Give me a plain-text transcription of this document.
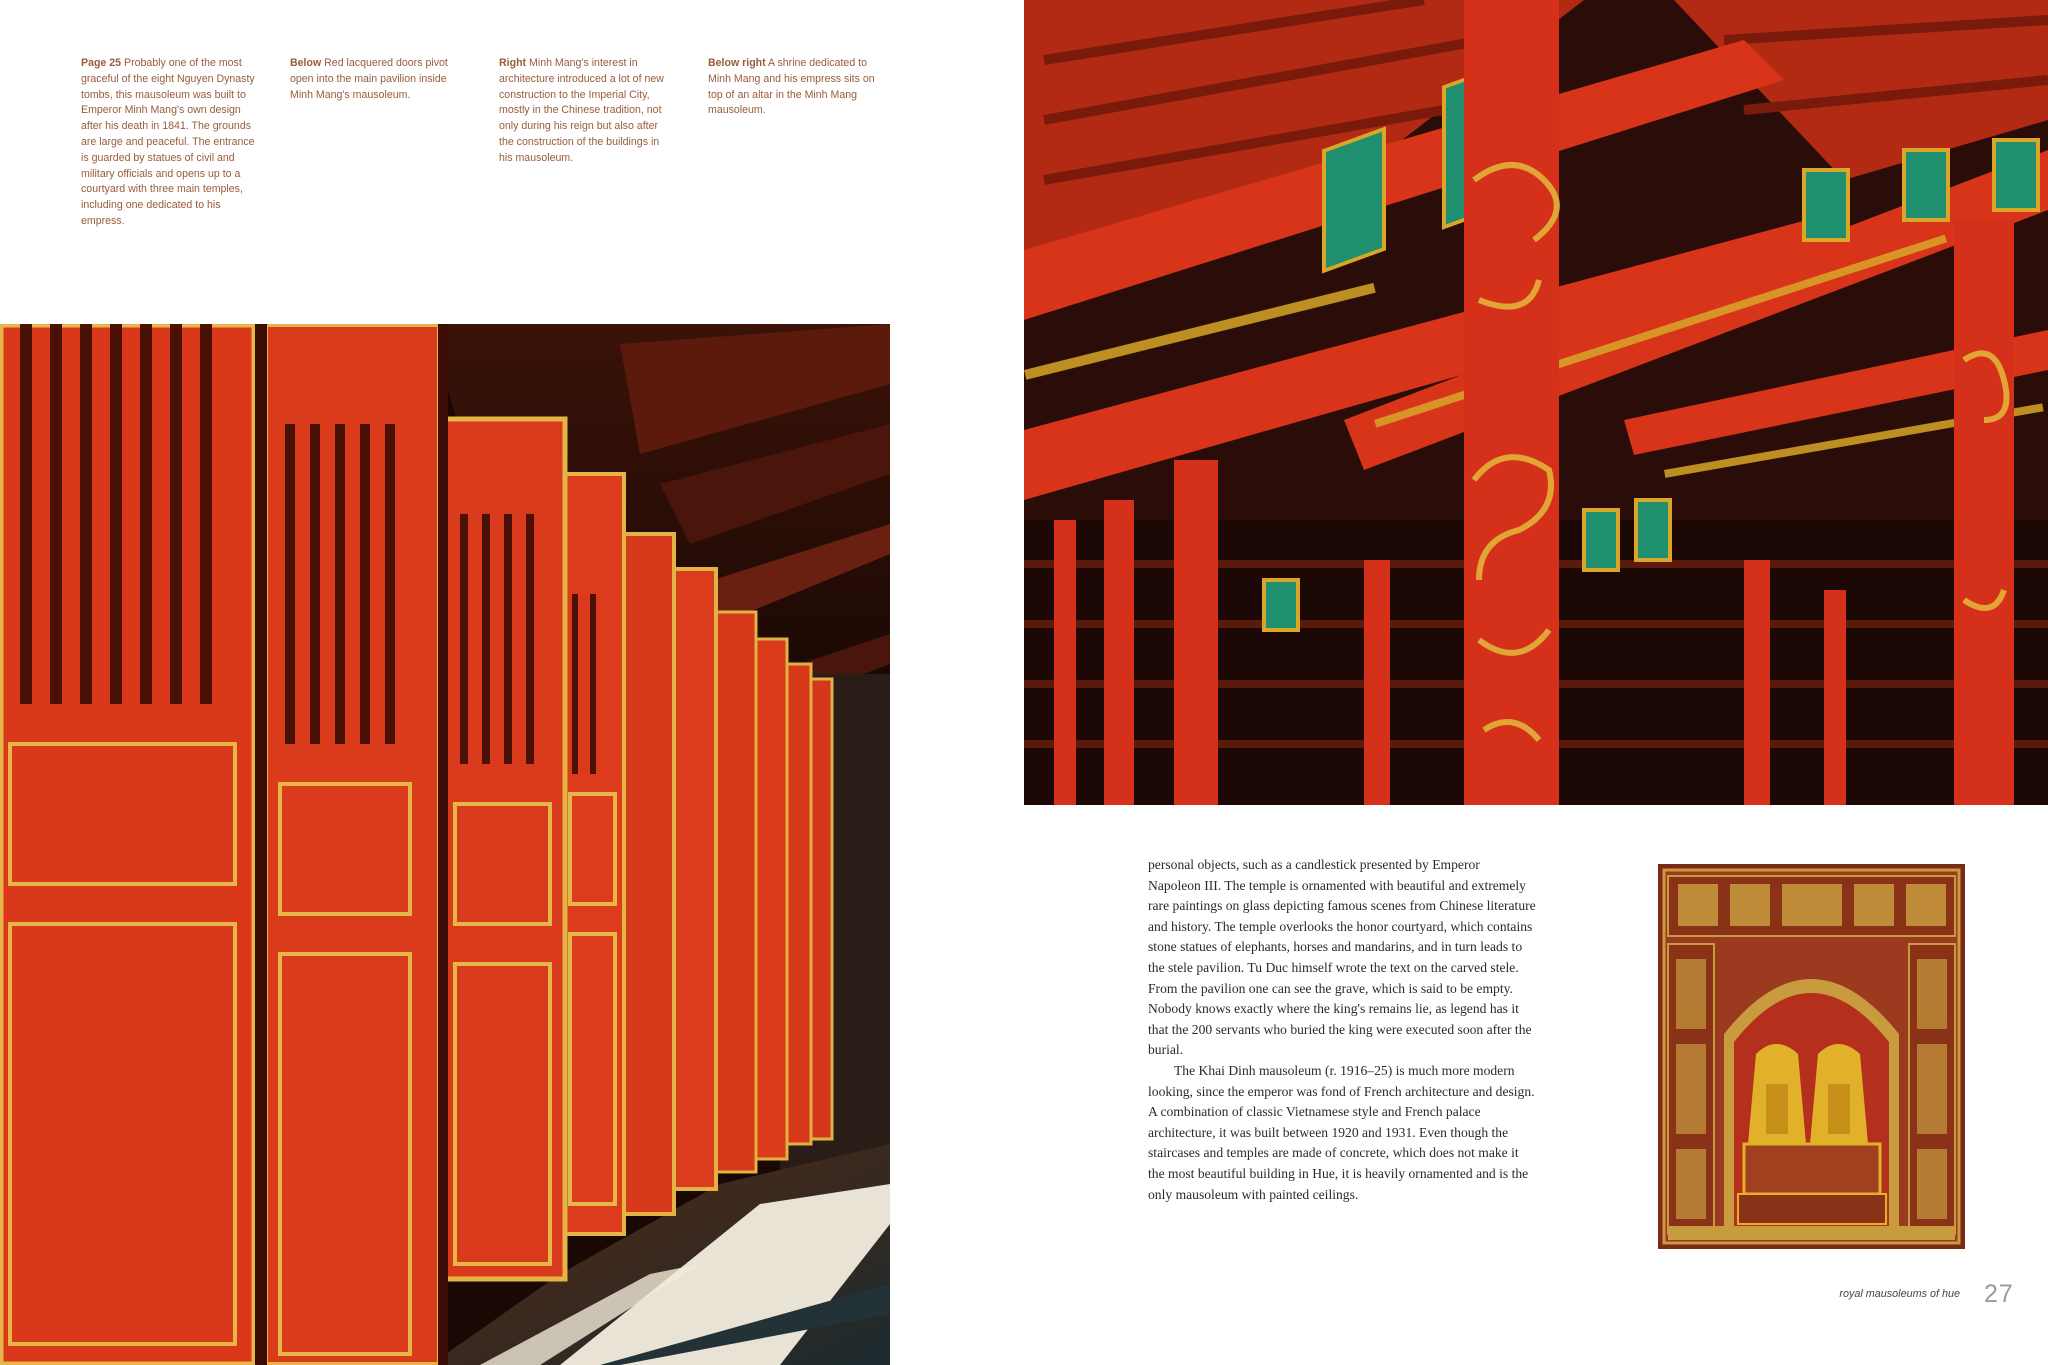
Page 25 Probably one of the most graceful of the eight Nguyen Dynasty tombs, this mausoleum was built to Emperor Minh Mang's own design after his death in 1841. The grounds are large and peaceful. The entrance is guarded by statues of civil and military officials and opens up to a courtyard with three main temples, including one dedicated to his empress.
Below Red lacquered doors pivot open into the main pavilion inside Minh Mang's mausoleum.
Right Minh Mang's interest in architecture introduced a lot of new construction to the Imperial City, mostly in the Chinese tradition, not only during his reign but also after the construction of the buildings in his mausoleum.
Below right A shrine dedicated to Minh Mang and his empress sits on top of an altar in the Minh Mang mausoleum.

personal objects, such as a candlestick presented by Emperor Napoleon III. The temple is ornamented with beautiful and extremely rare paintings on glass depicting famous scenes from Chinese literature and history. The temple overlooks the honor courtyard, which contains stone statues of elephants, horses and mandarins, and in turn leads to the stele pavilion. Tu Duc himself wrote the text on the carved stele. From the pavilion one can see the grave, which is said to be empty. Nobody knows exactly where the king's remains lie, as legend has it that the 200 servants who buried the king were executed soon after the burial.

The Khai Dinh mausoleum (r. 1916–25) is much more modern looking, since the emperor was fond of French architecture and design. A combination of classic Vietnamese style and French palace architecture, it was built between 1920 and 1931. Even though the staircases and temples are made of concrete, which does not make it the most beautiful building in Hue, it is heavily ornamented and is the only mausoleum with painted ceilings.

royal mausoleums of hue 27
